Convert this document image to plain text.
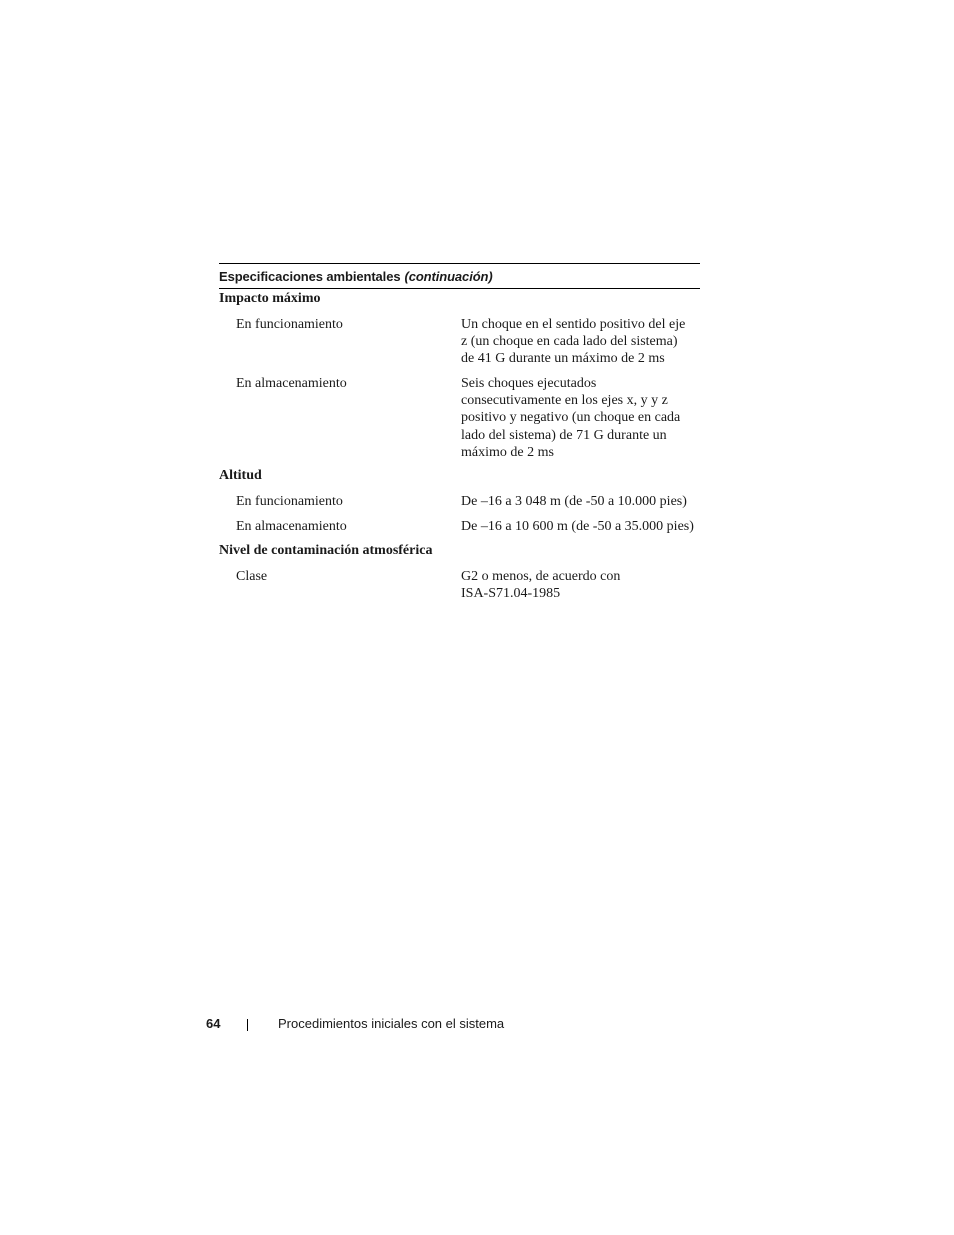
Especificaciones ambientales (continuación)
Impacto máximo
En funcionamiento	Un choque en el sentido positivo del eje
z (un choque en cada lado del sistema)
de 41 G durante un máximo de 2 ms
En almacenamiento	Seis choques ejecutados
consecutivamente en los ejes x, y y z
positivo y negativo (un choque en cada
lado del sistema) de 71 G durante un
máximo de 2 ms
Altitud
En funcionamiento	De –16 a 3 048 m (de -50 a 10.000 pies)
En almacenamiento	De –16 a 10 600 m (de -50 a 35.000 pies)
Nivel de contaminación atmosférica
Clase	G2 o menos, de acuerdo con
ISA-S71.04-1985
64	Procedimientos iniciales con el sistema
